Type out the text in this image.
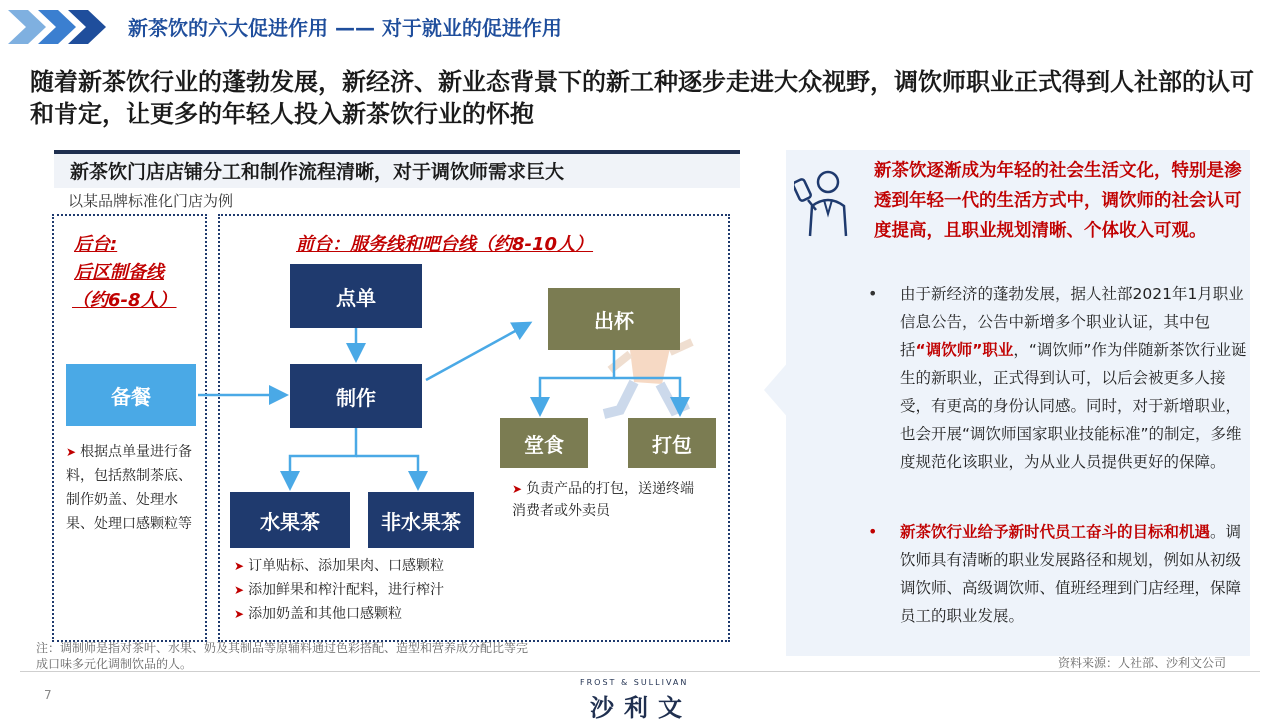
新茶饮的六大促进作用 —— 对于就业的促进作用
随着新茶饮行业的蓬勃发展，新经济、新业态背景下的新工种逐步走进大众视野，调饮师职业正式得到人社部的认可和肯定，让更多的年轻人投入新茶饮行业的怀抱
新茶饮门店店铺分工和制作流程清晰，对于调饮师需求巨大
以某品牌标准化门店为例
后台:
后区制备线
（约6-8人）
备餐
➤ 根据点单量进行备料，包括熬制茶底、制作奶盖、处理水果、处理口感颗粒等
前台：服务线和吧台线（约8-10人）
点单
制作
水果茶	非水果茶
出杯
堂食	打包
➤ 负责产品的打包，送递终端消费者或外卖员
➤ 订单贴标、添加果肉、口感颗粒
➤ 添加鲜果和榨汁配料，进行榨汁
➤ 添加奶盖和其他口感颗粒
新茶饮逐渐成为年轻的社会生活文化，特别是渗透到年轻一代的生活方式中，调饮师的社会认可度提高，且职业规划清晰、个体收入可观。
• 由于新经济的蓬勃发展，据人社部2021年1月职业信息公告，公告中新增多个职业认证，其中包括“调饮师”职业，“调饮师”作为伴随新茶饮行业诞生的新职业，正式得到认可，以后会被更多人接受，有更高的身份认同感。同时，对于新增职业，也会开展“调饮师国家职业技能标准”的制定，多维度规范化该职业，为从业人员提供更好的保障。
• 新茶饮行业给予新时代员工奋斗的目标和机遇。调饮师具有清晰的职业发展路径和规划，例如从初级调饮师、高级调饮师、值班经理到门店经理，保障员工的职业发展。
注：调制师是指对茶叶、水果、奶及其制品等原辅料通过色彩搭配、造型和营养成分配比等完成口味多元化调制饮品的人。	资料来源：人社部、沙利文公司
7
FROST & SULLIVAN
沙利文
